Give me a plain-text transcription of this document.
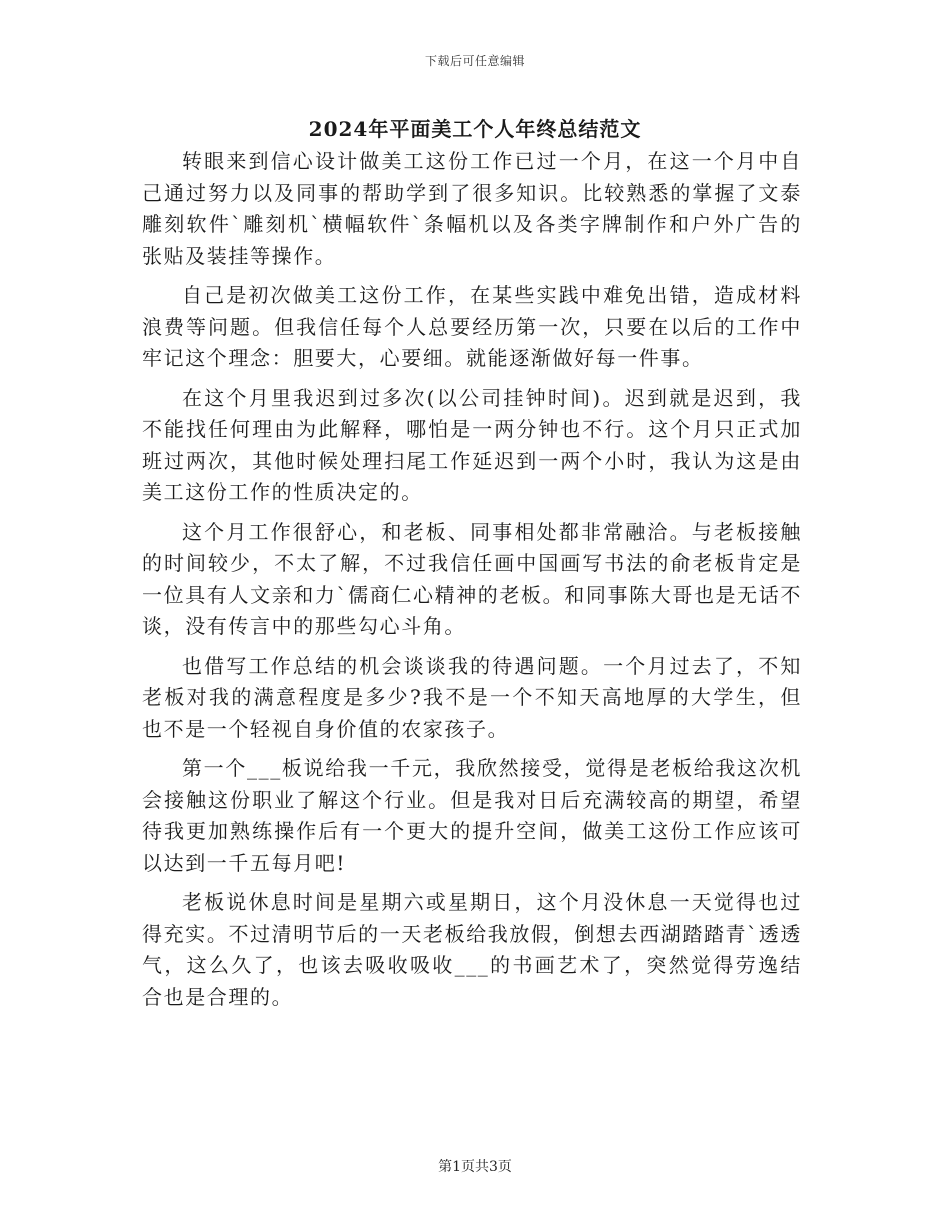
下载后可任意编辑
2024年平面美工个人年终总结范文

转眼来到信心设计做美工这份工作已过一个月，在这一个月中自己通过努力以及同事的帮助学到了很多知识。比较熟悉的掌握了文泰雕刻软件`雕刻机`横幅软件`条幅机以及各类字牌制作和户外广告的张贴及装挂等操作。

自己是初次做美工这份工作，在某些实践中难免出错，造成材料浪费等问题。但我信任每个人总要经历第一次，只要在以后的工作中牢记这个理念：胆要大，心要细。就能逐渐做好每一件事。

在这个月里我迟到过多次(以公司挂钟时间)。迟到就是迟到，我不能找任何理由为此解释，哪怕是一两分钟也不行。这个月只正式加班过两次，其他时候处理扫尾工作延迟到一两个小时，我认为这是由美工这份工作的性质决定的。

这个月工作很舒心，和老板、同事相处都非常融洽。与老板接触的时间较少，不太了解，不过我信任画中国画写书法的俞老板肯定是一位具有人文亲和力`儒商仁心精神的老板。和同事陈大哥也是无话不谈，没有传言中的那些勾心斗角。

也借写工作总结的机会谈谈我的待遇问题。一个月过去了，不知老板对我的满意程度是多少?我不是一个不知天高地厚的大学生，但也不是一个轻视自身价值的农家孩子。

第一个___板说给我一千元，我欣然接受，觉得是老板给我这次机会接触这份职业了解这个行业。但是我对日后充满较高的期望，希望待我更加熟练操作后有一个更大的提升空间，做美工这份工作应该可以达到一千五每月吧!

老板说休息时间是星期六或星期日，这个月没休息一天觉得也过得充实。不过清明节后的一天老板给我放假，倒想去西湖踏踏青`透透气，这么久了，也该去吸收吸收___的书画艺术了，突然觉得劳逸结合也是合理的。

第1页共3页
